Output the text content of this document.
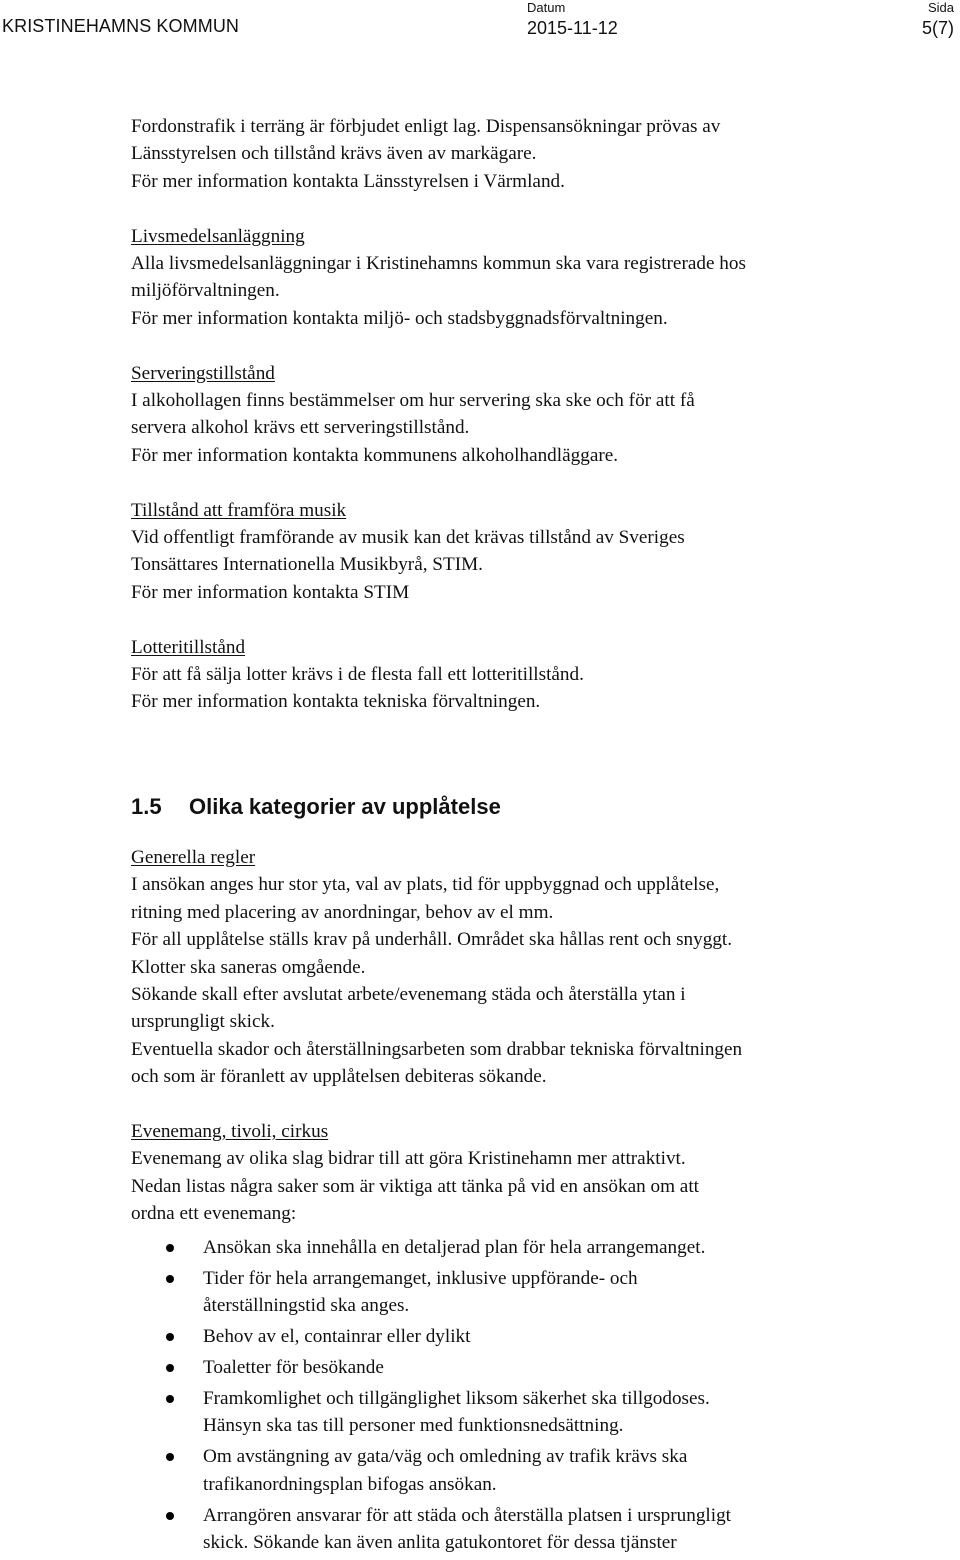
KRISTINEHAMNS KOMMUN
Datum
2015-11-12
Sida
5(7)

Fordonstrafik i terräng är förbjudet enligt lag. Dispensansökningar prövas av

Länsstyrelsen och tillstånd krävs även av markägare.

För mer information kontakta Länsstyrelsen i Värmland.

Livsmedelsanläggning

Alla livsmedelsanläggningar i Kristinehamns kommun ska vara registrerade hos

miljöförvaltningen.

För mer information kontakta miljö- och stadsbyggnadsförvaltningen.

Serveringstillstånd

I alkohollagen finns bestämmelser om hur servering ska ske och för att få

servera alkohol krävs ett serveringstillstånd.

För mer information kontakta kommunens alkoholhandläggare.

Tillstånd att framföra musik

Vid offentligt framförande av musik kan det krävas tillstånd av Sveriges

Tonsättares Internationella Musikbyrå, STIM.

För mer information kontakta STIM

Lotteritillstånd

För att få sälja lotter krävs i de flesta fall ett lotteritillstånd.

För mer information kontakta tekniska förvaltningen.

1.5 Olika kategorier av upplåtelse

Generella regler

I ansökan anges hur stor yta, val av plats, tid för uppbyggnad och upplåtelse,

ritning med placering av anordningar, behov av el mm.

För all upplåtelse ställs krav på underhåll. Området ska hållas rent och snyggt.

Klotter ska saneras omgående.

Sökande skall efter avslutat arbete/evenemang städa och återställa ytan i

ursprungligt skick.

Eventuella skador och återställningsarbeten som drabbar tekniska förvaltningen

och som är föranlett av upplåtelsen debiteras sökande.

Evenemang, tivoli, cirkus

Evenemang av olika slag bidrar till att göra Kristinehamn mer attraktivt.

Nedan listas några saker som är viktiga att tänka på vid en ansökan om att

ordna ett evenemang:

Ansökan ska innehålla en detaljerad plan för hela arrangemanget.
Tider för hela arrangemanget, inklusive uppförande- och
återställningstid ska anges.
Behov av el, containrar eller dylikt
Toaletter för besökande
Framkomlighet och tillgänglighet liksom säkerhet ska tillgodoses.
Hänsyn ska tas till personer med funktionsnedsättning.
Om avstängning av gata/väg och omledning av trafik krävs ska
trafikanordningsplan bifogas ansökan.
Arrangören ansvarar för att städa och återställa platsen i ursprungligt
skick. Sökande kan även anlita gatukontoret för dessa tjänster
